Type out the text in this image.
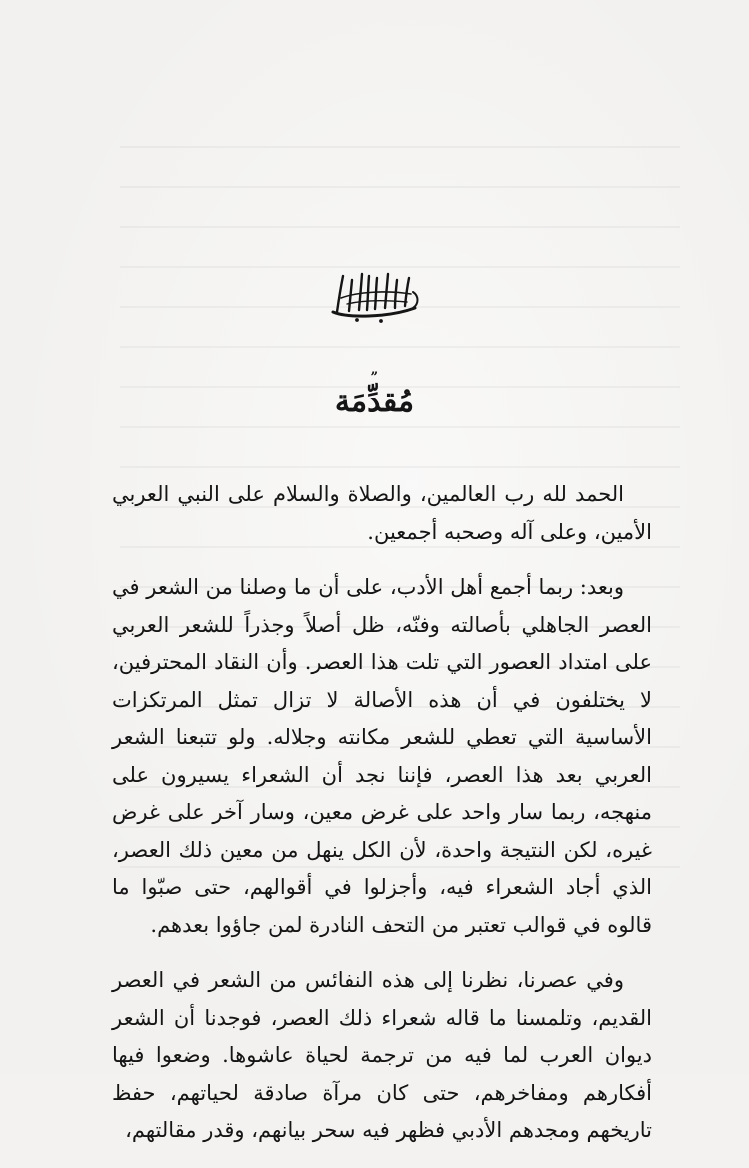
ˮ
مُقدِّمَة

الحمد لله رب العالمين، والصلاة والسلام على النبي العربي الأمين، وعلى آله وصحبه أجمعين.

وبعد: ربما أجمع أهل الأدب، على أن ما وصلنا من الشعر في العصر الجاهلي بأصالته وفنّه، ظل أصلاً وجذراً للشعر العربي على امتداد العصور التي تلت هذا العصر. وأن النقاد المحترفين، لا يختلفون في أن هذه الأصالة لا تزال تمثل المرتكزات الأساسية التي تعطي للشعر مكانته وجلاله. ولو تتبعنا الشعر العربي بعد هذا العصر، فإننا نجد أن الشعراء يسيرون على منهجه، ربما سار واحد على غرض معين، وسار آخر على غرض غيره، لكن النتيجة واحدة، لأن الكل ينهل من معين ذلك العصر، الذي أجاد الشعراء فيه، وأجزلوا في أقوالهم، حتى صبّوا ما قالوه في قوالب تعتبر من التحف النادرة لمن جاؤوا بعدهم.

وفي عصرنا، نظرنا إلى هذه النفائس من الشعر في العصر القديم، وتلمسنا ما قاله شعراء ذلك العصر، فوجدنا أن الشعر ديوان العرب لما فيه من ترجمة لحياة عاشوها. وضعوا فيها أفكارهم ومفاخرهم، حتى كان مرآة صادقة لحياتهم، حفظ تاريخهم ومجدهم الأدبي فظهر فيه سحر بيانهم، وقدر مقالتهم،
